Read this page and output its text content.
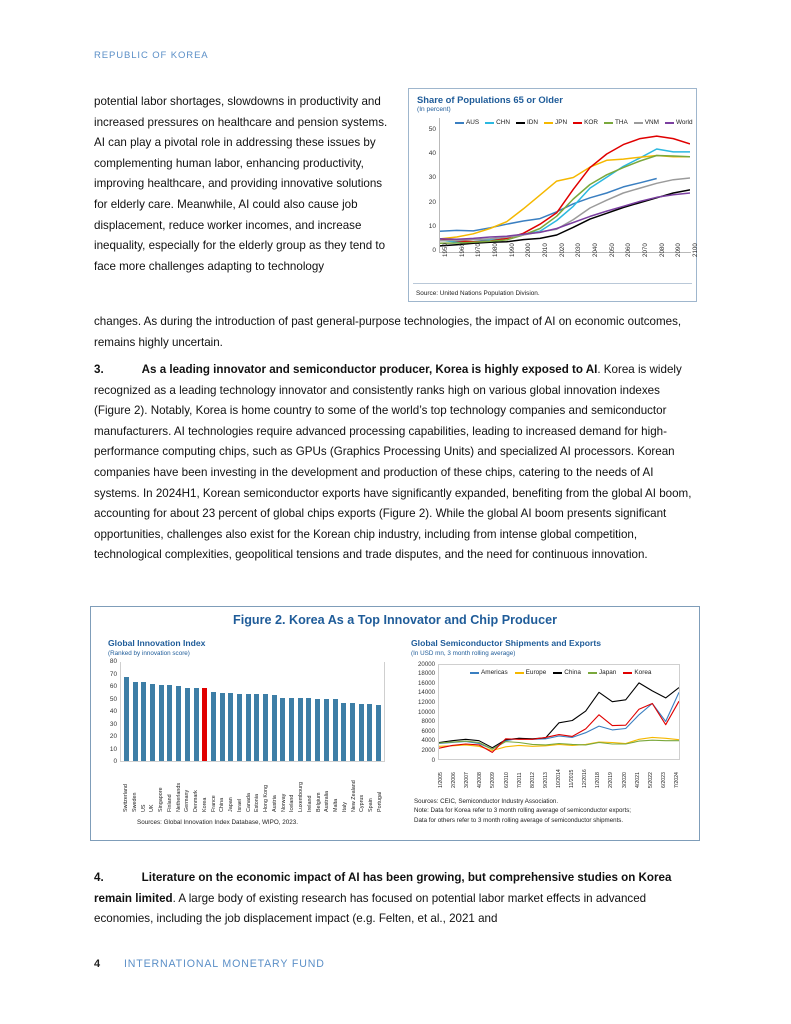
REPUBLIC OF KOREA
potential labor shortages, slowdowns in productivity and increased pressures on healthcare and pension systems. AI can play a pivotal role in addressing these issues by complementing human labor, enhancing productivity, improving healthcare, and providing innovative solutions for elderly care. Meanwhile, AI could also cause job displacement, reduce worker incomes, and increase inequality, especially for the elderly group as they tend to face more challenges adapting to technology
changes. As during the introduction of past general-purpose technologies, the impact of AI on economic outcomes, remains highly uncertain.
3.	As a leading innovator and semiconductor producer, Korea is highly exposed to AI. Korea is widely recognized as a leading technology innovator and consistently ranks high on various global innovation indexes (Figure 2). Notably, Korea is home country to some of the world’s top technology companies and semiconductor manufacturers. AI technologies require advanced processing capabilities, leading to increased demand for high-performance computing chips, such as GPUs (Graphics Processing Units) and specialized AI processors. Korean companies have been investing in the development and production of these chips, catering to the needs of AI systems. In 2024H1, Korean semiconductor exports have significantly expanded, benefiting from the global AI boom, accounting for about 23 percent of global chips exports (Figure 2). While the global AI boom presents significant opportunities, challenges also exist for the Korean chip industry, including from intense global competition, technological complexities, geopolitical tensions and trade disputes, and the need for continuous innovation.
4.	Literature on the economic impact of AI has been growing, but comprehensive studies on Korea remain limited. A large body of existing research has focused on potential labor market effects in advanced economies, including the job displacement impact (e.g. Felten, et al., 2021 and
Share of Populations 65 or Older
(In percent)
AUS	CHN	IDN	JPN	KOR	THA	VNM	World
0
10
20
30
40
50
1950 1960 1970 1980 1990 2000 2010 2020 2030 2040 2050 2060 2070 2080 2090 2100
Source: United Nations Population Division.
Figure 2. Korea As a Top Innovator and Chip Producer
Global Innovation Index
(Ranked by innovation score)
Global Semiconductor Shipments and Exports
(In USD mn, 3 month rolling average)
0
10
20
30
40
50
60
70
80
Switzerland Sweden US UK Singapore Finland Netherlands Germany Denmark Korea France China Japan Israel Canada Estonia Hong Kong Austria Norway Iceland Luxembourg Ireland Belgium Australia Malta Italy New Zealand Cyprus Spain Portugal
Sources: Global Innovation Index Database, WIPO, 2023.
0
2000
4000
6000
8000
10000
12000
14000
16000
18000
20000
Americas	Europe	China	Japan	Korea
1/2005 2/2006 3/2007 4/2008 5/2009 6/2010 7/2011 8/2012 9/2013 10/2014 11/2015 12/2016 1/2018 2/2019 3/2020 4/2021 5/2022 6/2023 7/2024
Sources: CEIC, Semiconductor Industry Association.
Note: Data for Korea refer to 3 month rolling average of semiconductor exports;
Data for others refer to 3 month rolling average of semiconductor shipments.
4 INTERNATIONAL MONETARY FUND
